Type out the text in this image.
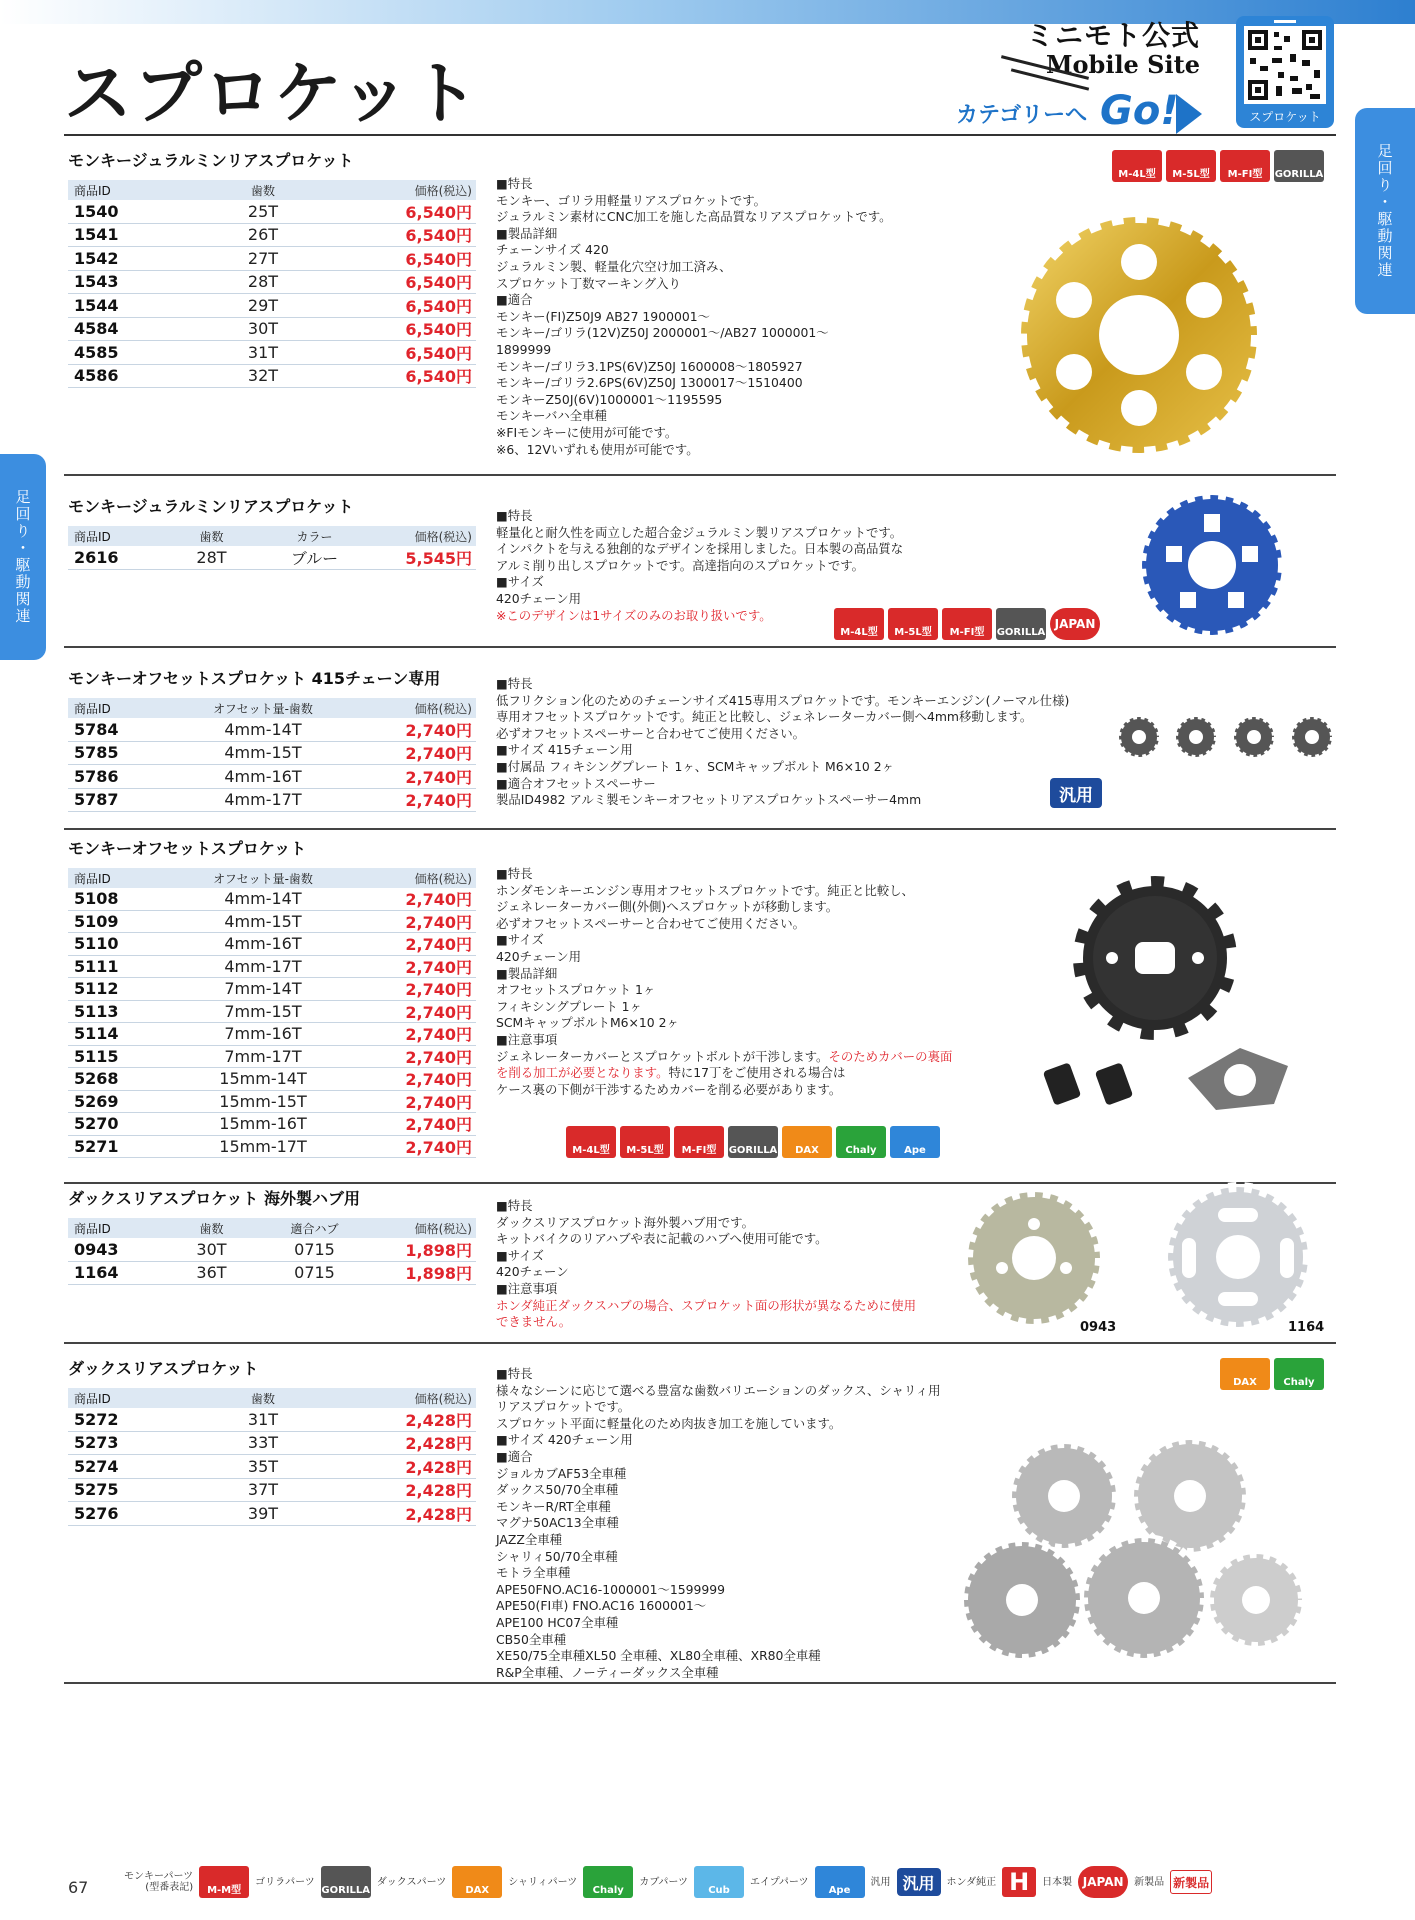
スプロケット
ミニモト公式
Mobile Site
カテゴリーへ Go!	スプロケット
足回り・駆動関連
足回り・駆動関連
モンキージュラルミンリアスプロケット
商品ID	歯数	価格(税込)
1540	25T	6,540円
1541	26T	6,540円
1542	27T	6,540円
1543	28T	6,540円
1544	29T	6,540円
4584	30T	6,540円
4585	31T	6,540円
4586	32T	6,540円
■特長
モンキー、ゴリラ用軽量リアスプロケットです。
ジュラルミン素材にCNC加工を施した高品質なリアスプロケットです。
■製品詳細
チェーンサイズ 420
ジュラルミン製、軽量化穴空け加工済み、
スプロケット丁数マーキング入り
■適合
モンキー(FI)Z50J9 AB27 1900001〜
モンキー/ゴリラ(12V)Z50J 2000001〜/AB27 1000001〜
1899999
モンキー/ゴリラ3.1PS(6V)Z50J 1600008〜1805927
モンキー/ゴリラ2.6PS(6V)Z50J 1300017〜1510400
モンキーZ50J(6V)1000001〜1195595
モンキーバハ全車種
※FIモンキーに使用が可能です。
※6、12Vいずれも使用が可能です。
M-4L型	M-5L型	M-FI型	GORILLA
モンキージュラルミンリアスプロケット
商品ID	歯数	カラー	価格(税込)
2616	28T	ブルー	5,545円
■特長
軽量化と耐久性を両立した超合金ジュラルミン製リアスプロケットです。
インパクトを与える独創的なデザインを採用しました。日本製の高品質な
アルミ削り出しスプロケットです。高達指向のスプロケットです。
■サイズ
420チェーン用
※このデザインは1サイズのみのお取り扱いです。
M-4L型	M-5L型	M-FI型	GORILLA
JAPAN
モンキーオフセットスプロケット 415チェーン専用
商品ID	オフセット量-歯数	価格(税込)
5784	4mm-14T	2,740円
5785	4mm-15T	2,740円
5786	4mm-16T	2,740円
5787	4mm-17T	2,740円
■特長
低フリクション化のためのチェーンサイズ415専用スプロケットです。モンキーエンジン(ノーマル仕様)
専用オフセットスプロケットです。純正と比較し、ジェネレーターカバー側へ4mm移動します。
必ずオフセットスペーサーと合わせてご使用ください。
■サイズ 415チェーン用
■付属品 フィキシングプレート 1ヶ、SCMキャップボルト M6×10 2ヶ
■適合オフセットスペーサー
製品ID4982 アルミ製モンキーオフセットリアスプロケットスペーサー4mm	汎用
モンキーオフセットスプロケット
商品ID	オフセット量-歯数	価格(税込)
5108	4mm-14T	2,740円
5109	4mm-15T	2,740円
5110	4mm-16T	2,740円
5111	4mm-17T	2,740円
5112	7mm-14T	2,740円
5113	7mm-15T	2,740円
5114	7mm-16T	2,740円
5115	7mm-17T	2,740円
5268	15mm-14T	2,740円
5269	15mm-15T	2,740円
5270	15mm-16T	2,740円
5271	15mm-17T	2,740円
■特長
ホンダモンキーエンジン専用オフセットスプロケットです。純正と比較し、
ジェネレーターカバー側(外側)へスプロケットが移動します。
必ずオフセットスペーサーと合わせてご使用ください。
■サイズ
420チェーン用
■製品詳細
オフセットスプロケット 1ヶ
フィキシングプレート 1ヶ
SCMキャップボルトM6×10 2ヶ
■注意事項
ジェネレーターカバーとスプロケットボルトが干渉します。そのためカバーの裏面を削る加工が必要となります。特に17丁をご使用される場合は
ケース裏の下側が干渉するためカバーを削る必要があります。
M-4L型	M-5L型	M-FI型	GORILLA	DAX	Chaly	Ape
ダックスリアスプロケット 海外製ハブ用
商品ID	歯数	適合ハブ	価格(税込)
0943	30T	0715	1,898円
1164	36T	0715	1,898円
■特長
ダックスリアスプロケット海外製ハブ用です。
キットバイクのリアハブや表に記載のハブへ使用可能です。
■サイズ
420チェーン
■注意事項
ホンダ純正ダックスハブの場合、スプロケット面の形状が異なるために使用
できません。	0943	1164
ダックスリアスプロケット
商品ID	歯数	価格(税込)
5272	31T	2,428円
5273	33T	2,428円
5274	35T	2,428円
5275	37T	2,428円
5276	39T	2,428円
■特長
様々なシーンに応じて選べる豊富な歯数バリエーションのダックス、シャリィ用
リアスプロケットです。
スプロケット平面に軽量化のため肉抜き加工を施しています。
■サイズ 420チェーン用
■適合
ジョルカブAF53全車種
ダックス50/70全車種
モンキーR/RT全車種
マグナ50AC13全車種
JAZZ全車種
シャリィ50/70全車種
モトラ全車種
APE50FNO.AC16-1000001〜1599999
APE50(FI車) FNO.AC16 1600001〜
APE100 HC07全車種
CB50全車種
XE50/75全車種XL50 全車種、XL80全車種、XR80全車種
R&P全車種、ノーティーダックス全車種
DAX	Chaly
67
モンキーパーツ
(型番表記)	M-M型
ゴリラパーツ
GORILLA
ダックスパーツ
DAX
シャリィパーツ
Chaly
カブパーツ
Cub
エイプパーツ
Ape
汎用 汎用	ホンダ純正 H	日本製 JAPAN	新製品 新製品
